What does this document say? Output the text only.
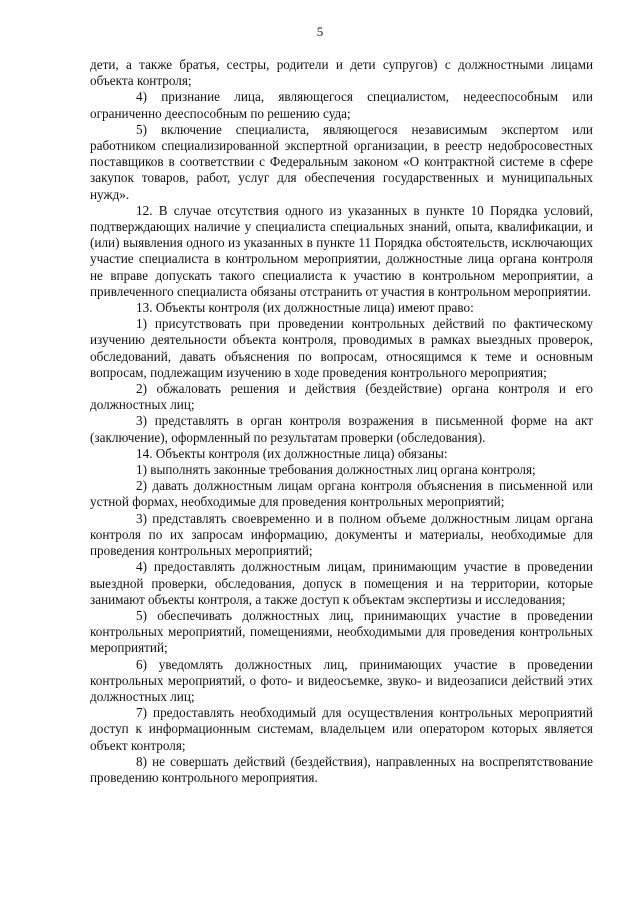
5

дети, а также братья, сестры, родители и дети супругов) с должностными лицами объекта контроля;

4) признание лица, являющегося специалистом, недееспособным или ограниченно дееспособным по решению суда;

5) включение специалиста, являющегося независимым экспертом или работником специализированной экспертной организации, в реестр недобросовестных поставщиков в соответствии с Федеральным законом «О контрактной системе в сфере закупок товаров, работ, услуг для обеспечения государственных и муниципальных нужд».

12. В случае отсутствия одного из указанных в пункте 10 Порядка условий, подтверждающих наличие у специалиста специальных знаний, опыта, квалификации, и (или) выявления одного из указанных в пункте 11 Порядка обстоятельств, исключающих участие специалиста в контрольном мероприятии, должностные лица органа контроля не вправе допускать такого специалиста к участию в контрольном мероприятии, а привлеченного специалиста обязаны отстранить от участия в контрольном мероприятии.

13. Объекты контроля (их должностные лица) имеют право:

1) присутствовать при проведении контрольных действий по фактическому изучению деятельности объекта контроля, проводимых в рамках выездных проверок, обследований, давать объяснения по вопросам, относящимся к теме и основным вопросам, подлежащим изучению в ходе проведения контрольного мероприятия;

2) обжаловать решения и действия (бездействие) органа контроля и его должностных лиц;

3) представлять в орган контроля возражения в письменной форме на акт (заключение), оформленный по результатам проверки (обследования).

14. Объекты контроля (их должностные лица) обязаны:

1) выполнять законные требования должностных лиц органа контроля;

2) давать должностным лицам органа контроля объяснения в письменной или устной формах, необходимые для проведения контрольных мероприятий;

3) представлять своевременно и в полном объеме должностным лицам органа контроля по их запросам информацию, документы и материалы, необходимые для проведения контрольных мероприятий;

4) предоставлять должностным лицам, принимающим участие в проведении выездной проверки, обследования, допуск в помещения и на территории, которые занимают объекты контроля, а также доступ к объектам экспертизы и исследования;

5) обеспечивать должностных лиц, принимающих участие в проведении контрольных мероприятий, помещениями, необходимыми для проведения контрольных мероприятий;

6) уведомлять должностных лиц, принимающих участие в проведении контрольных мероприятий, о фото- и видеосъемке, звуко- и видеозаписи действий этих должностных лиц;

7) предоставлять необходимый для осуществления контрольных мероприятий доступ к информационным системам, владельцем или оператором которых является объект контроля;

8) не совершать действий (бездействия), направленных на воспрепятствование проведению контрольного мероприятия.
